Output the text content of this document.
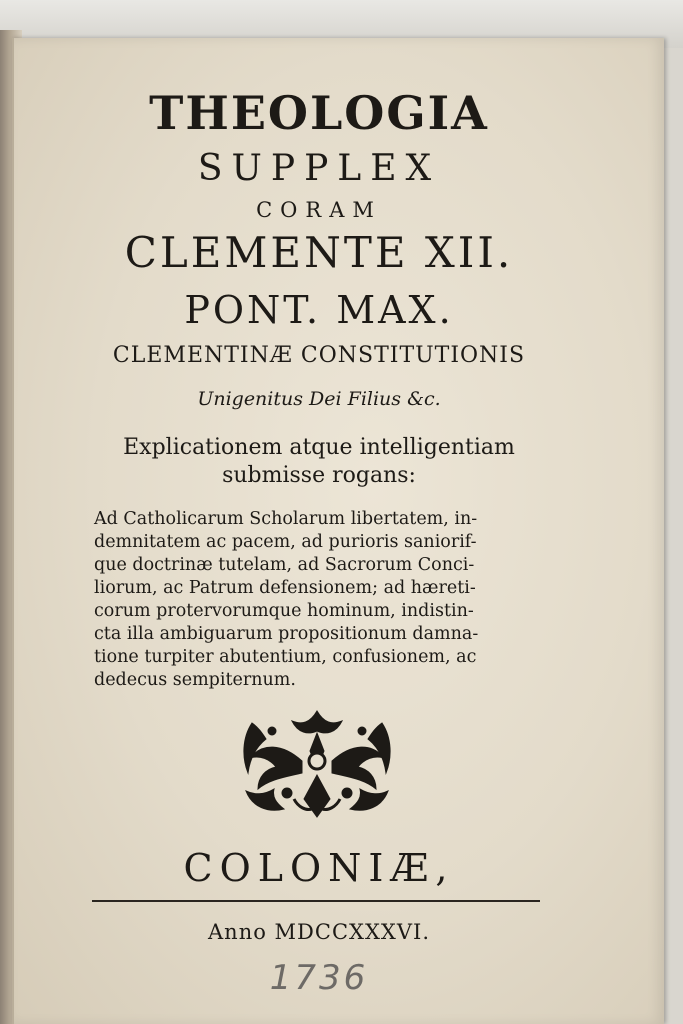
THEOLOGIA
SUPPLEX
CORAM
CLEMENTE XII.
PONT. MAX.
CLEMENTINÆ CONSTITUTIONIS
Unigenitus Dei Filius &c.
Explicationem atque intelligentiam
submisse rogans:
Ad Catholicarum Scholarum libertatem, in-
demnitatem ac pacem, ad purioris saniorif-
que doctrinæ tutelam, ad Sacrorum Conci-
liorum, ac Patrum defensionem; ad hæreti-
corum protervorumque hominum, indistin-
cta illa ambiguarum propositionum damna-
tione turpiter abutentium, confusionem, ac
dedecus sempiternum.
COLONIÆ,
Anno MDCCXXXVI.
1736
